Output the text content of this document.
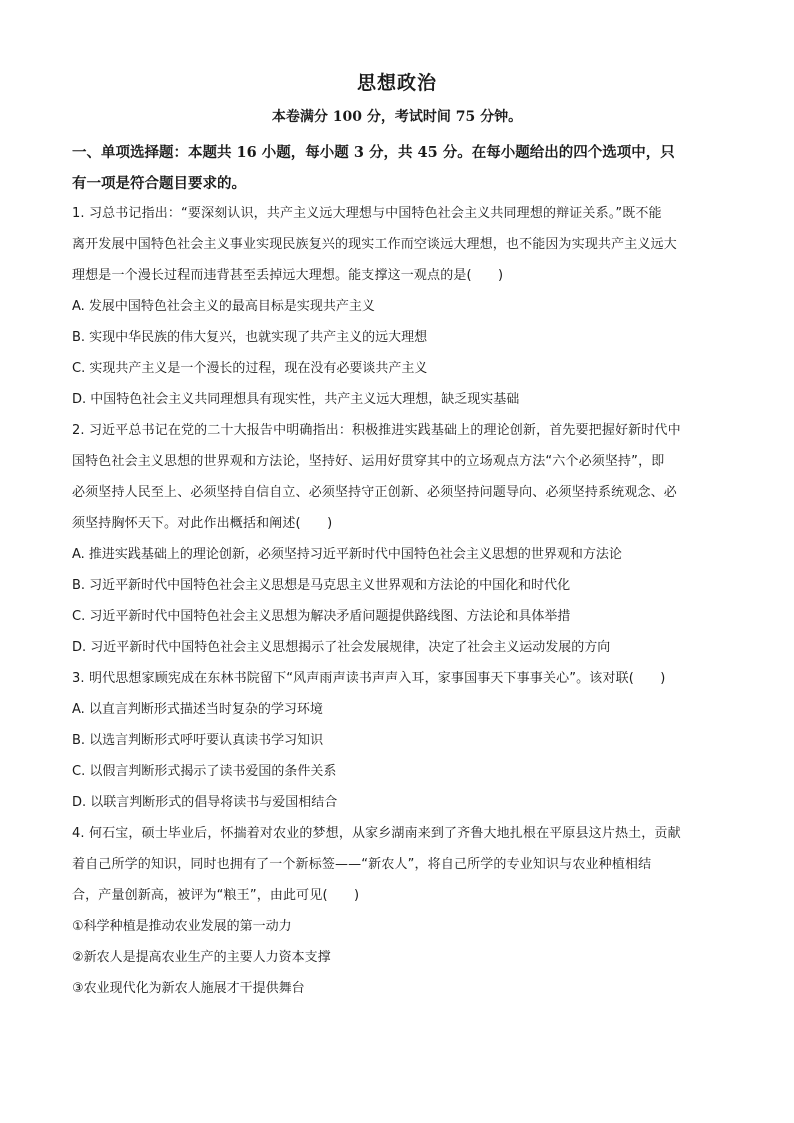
思想政治
本卷满分 100 分，考试时间 75 分钟。
一、单项选择题：本题共 16 小题，每小题 3 分，共 45 分。在每小题给出的四个选项中，只
有一项是符合题目要求的。
1. 习总书记指出：“要深刻认识，共产主义远大理想与中国特色社会主义共同理想的辩证关系。”既不能
离开发展中国特色社会主义事业实现民族复兴的现实工作而空谈远大理想，也不能因为实现共产主义远大
理想是一个漫长过程而违背甚至丢掉远大理想。能支撑这一观点的是(　　)
A. 发展中国特色社会主义的最高目标是实现共产主义
B. 实现中华民族的伟大复兴，也就实现了共产主义的远大理想
C. 实现共产主义是一个漫长的过程，现在没有必要谈共产主义
D. 中国特色社会主义共同理想具有现实性，共产主义远大理想，缺乏现实基础
2. 习近平总书记在党的二十大报告中明确指出：积极推进实践基础上的理论创新，首先要把握好新时代中
国特色社会主义思想的世界观和方法论，坚持好、运用好贯穿其中的立场观点方法“六个必须坚持”，即
必须坚持人民至上、必须坚持自信自立、必须坚持守正创新、必须坚持问题导向、必须坚持系统观念、必
须坚持胸怀天下。对此作出概括和阐述(　　)
A. 推进实践基础上的理论创新，必须坚持习近平新时代中国特色社会主义思想的世界观和方法论
B. 习近平新时代中国特色社会主义思想是马克思主义世界观和方法论的中国化和时代化
C. 习近平新时代中国特色社会主义思想为解决矛盾问题提供路线图、方法论和具体举措
D. 习近平新时代中国特色社会主义思想揭示了社会发展规律，决定了社会主义运动发展的方向
3. 明代思想家顾宪成在东林书院留下“风声雨声读书声声入耳，家事国事天下事事关心”。该对联(　　)
A. 以直言判断形式描述当时复杂的学习环境
B. 以选言判断形式呼吁要认真读书学习知识
C. 以假言判断形式揭示了读书爱国的条件关系
D. 以联言判断形式的倡导将读书与爱国相结合
4. 何石宝，硕士毕业后，怀揣着对农业的梦想，从家乡湖南来到了齐鲁大地扎根在平原县这片热土，贡献
着自己所学的知识，同时也拥有了一个新标签——“新农人”，将自己所学的专业知识与农业种植相结
合，产量创新高，被评为“粮王”，由此可见(　　)
①科学种植是推动农业发展的第一动力
②新农人是提高农业生产的主要人力资本支撑
③农业现代化为新农人施展才干提供舞台
